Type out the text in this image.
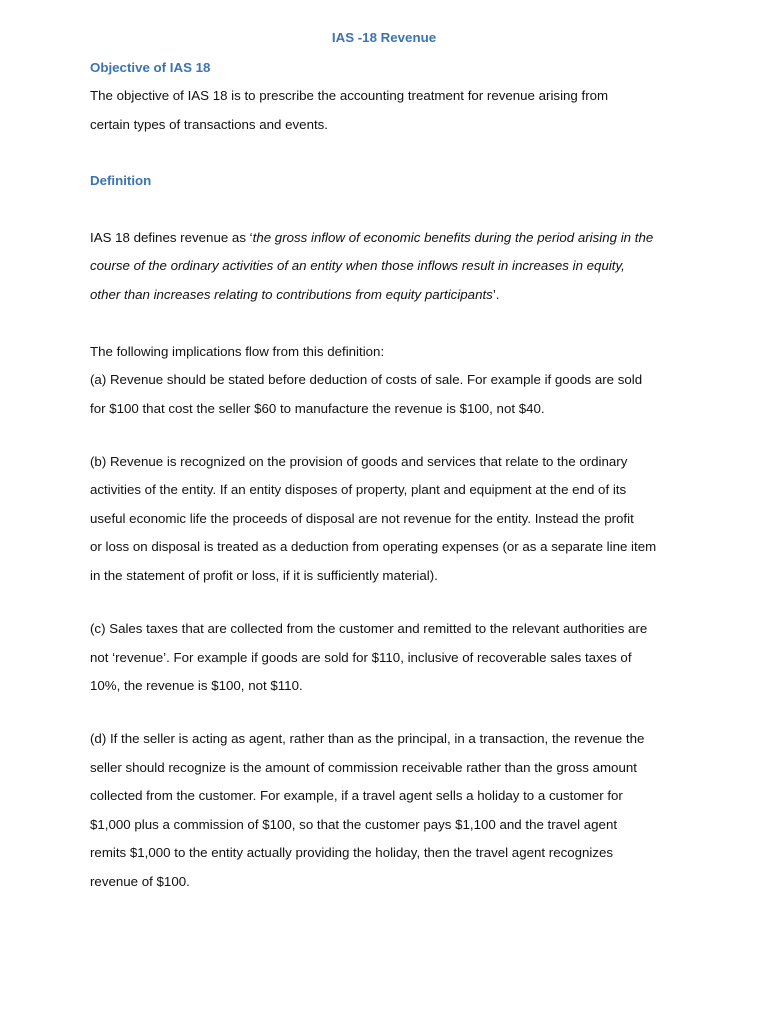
IAS -18 Revenue
Objective of IAS 18
The objective of IAS 18 is to prescribe the accounting treatment for revenue arising from
certain types of transactions and events.
Definition
IAS 18 defines revenue as ‘the gross inflow of economic benefits during the period arising in the
course of the ordinary activities of an entity when those inflows result in increases in equity,
other than increases relating to contributions from equity participants’.
The following implications flow from this definition:
(a) Revenue should be stated before deduction of costs of sale. For example if goods are sold
for $100 that cost the seller $60 to manufacture the revenue is $100, not $40.
(b) Revenue is recognized on the provision of goods and services that relate to the ordinary
activities of the entity. If an entity disposes of property, plant and equipment at the end of its
useful economic life the proceeds of disposal are not revenue for the entity. Instead the profit
or loss on disposal is treated as a deduction from operating expenses (or as a separate line item
in the statement of profit or loss, if it is sufficiently material).
(c) Sales taxes that are collected from the customer and remitted to the relevant authorities are
not ‘revenue’. For example if goods are sold for $110, inclusive of recoverable sales taxes of
10%, the revenue is $100, not $110.
(d) If the seller is acting as agent, rather than as the principal, in a transaction, the revenue the
seller should recognize is the amount of commission receivable rather than the gross amount
collected from the customer. For example, if a travel agent sells a holiday to a customer for
$1,000 plus a commission of $100, so that the customer pays $1,100 and the travel agent
remits $1,000 to the entity actually providing the holiday, then the travel agent recognizes
revenue of $100.
